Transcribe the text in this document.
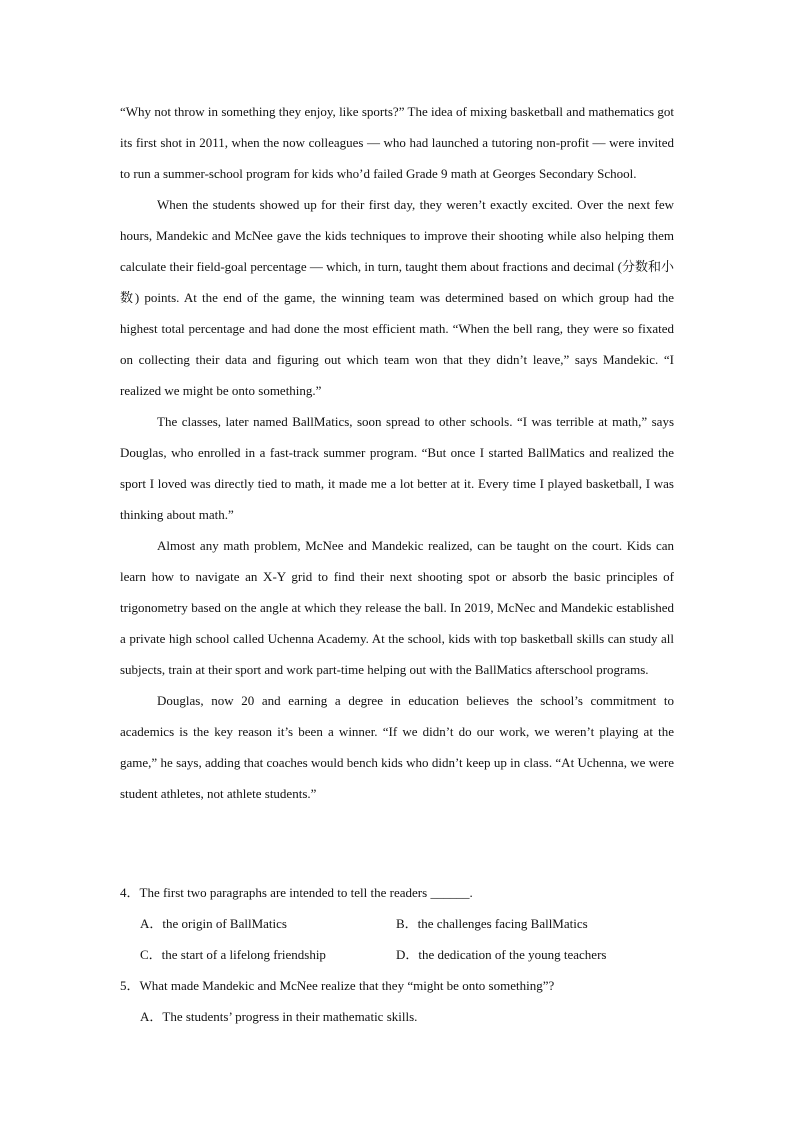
“Why not throw in something they enjoy, like sports?” The idea of mixing basketball and mathematics got its first shot in 2011, when the now colleagues — who had launched a tutoring non-profit — were invited to run a summer-school program for kids who’d failed Grade 9 math at Georges Secondary School.

When the students showed up for their first day, they weren’t exactly excited. Over the next few hours, Mandekic and McNee gave the kids techniques to improve their shooting while also helping them calculate their field-goal percentage — which, in turn, taught them about fractions and decimal (分数和小数) points. At the end of the game, the winning team was determined based on which group had the highest total percentage and had done the most efficient math. “When the bell rang, they were so fixated on collecting their data and figuring out which team won that they didn’t leave,” says Mandekic. “I realized we might be onto something.”

The classes, later named BallMatics, soon spread to other schools. “I was terrible at math,” says Douglas, who enrolled in a fast-track summer program. “But once I started BallMatics and realized the sport I loved was directly tied to math, it made me a lot better at it. Every time I played basketball, I was thinking about math.”

Almost any math problem, McNee and Mandekic realized, can be taught on the court. Kids can learn how to navigate an X-Y grid to find their next shooting spot or absorb the basic principles of trigonometry based on the angle at which they release the ball. In 2019, McNec and Mandekic established a private high school called Uchenna Academy. At the school, kids with top basketball skills can study all subjects, train at their sport and work part-time helping out with the BallMatics afterschool programs.

Douglas, now 20 and earning a degree in education believes the school’s commitment to academics is the key reason it’s been a winner. “If we didn’t do our work, we weren’t playing at the game,” he says, adding that coaches would bench kids who didn’t keep up in class. “At Uchenna, we were student athletes, not athlete students.”

4．The first two paragraphs are intended to tell the readers ______.

A．the origin of BallMatics	B．the challenges facing BallMatics

C．the start of a lifelong friendship	D．the dedication of the young teachers

5．What made Mandekic and McNee realize that they “might be onto something”?

A．The students’ progress in their mathematic skills.
